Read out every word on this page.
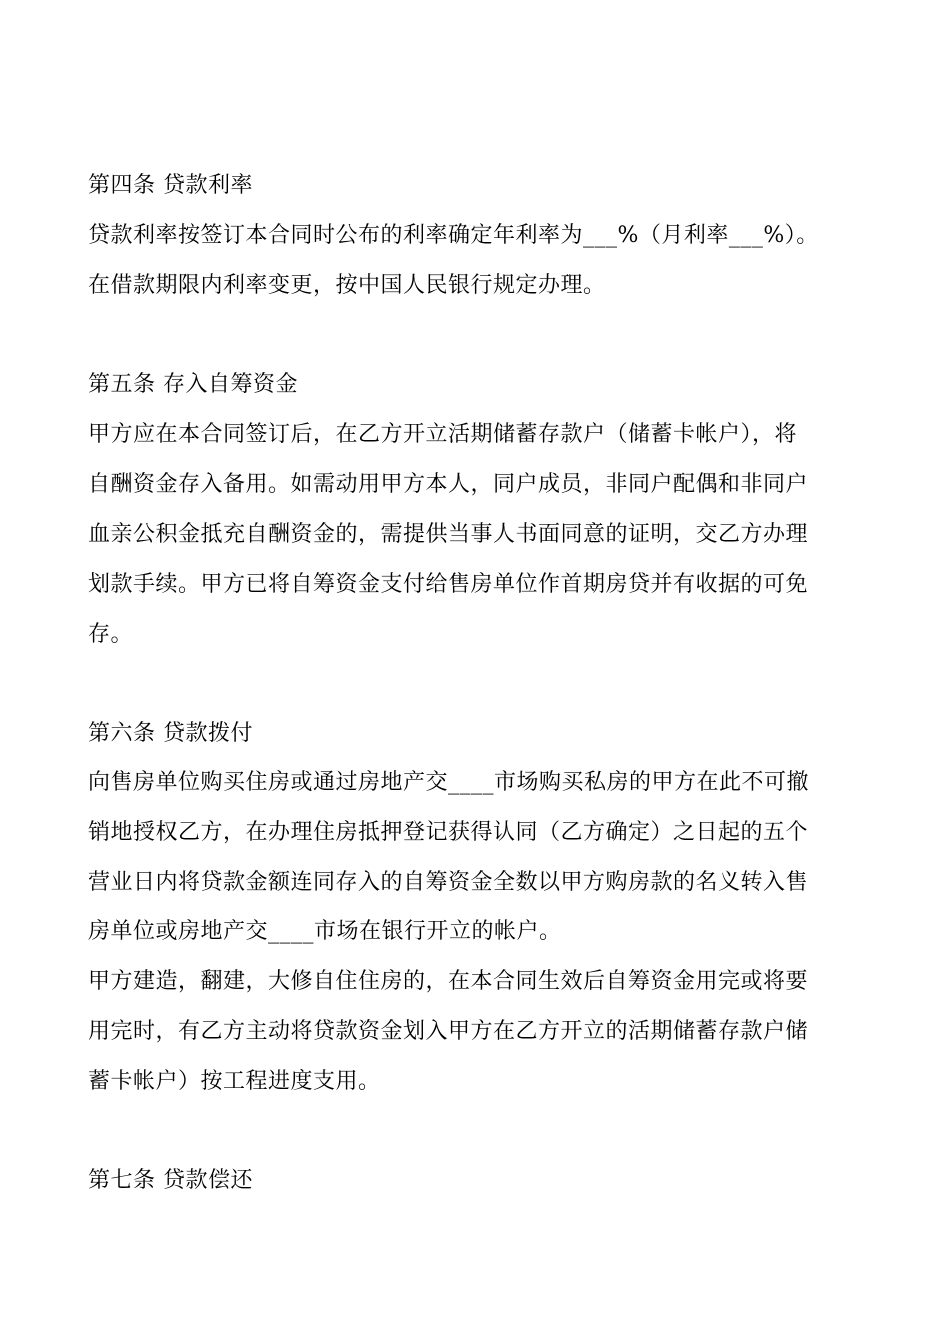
第四条 贷款利率
贷款利率按签订本合同时公布的利率确定年利率为___%（月利率___%）。
在借款期限内利率变更，按中国人民银行规定办理。
第五条 存入自筹资金
甲方应在本合同签订后，在乙方开立活期储蓄存款户（储蓄卡帐户），将
自酬资金存入备用。如需动用甲方本人，同户成员，非同户配偶和非同户
血亲公积金抵充自酬资金的，需提供当事人书面同意的证明，交乙方办理
划款手续。甲方已将自筹资金支付给售房单位作首期房贷并有收据的可免
存。
第六条 贷款拨付
向售房单位购买住房或通过房地产交____市场购买私房的甲方在此不可撤
销地授权乙方，在办理住房抵押登记获得认同（乙方确定）之日起的五个
营业日内将贷款金额连同存入的自筹资金全数以甲方购房款的名义转入售
房单位或房地产交____市场在银行开立的帐户。
甲方建造，翻建，大修自住住房的，在本合同生效后自筹资金用完或将要
用完时，有乙方主动将贷款资金划入甲方在乙方开立的活期储蓄存款户储
蓄卡帐户）按工程进度支用。
第七条 贷款偿还
